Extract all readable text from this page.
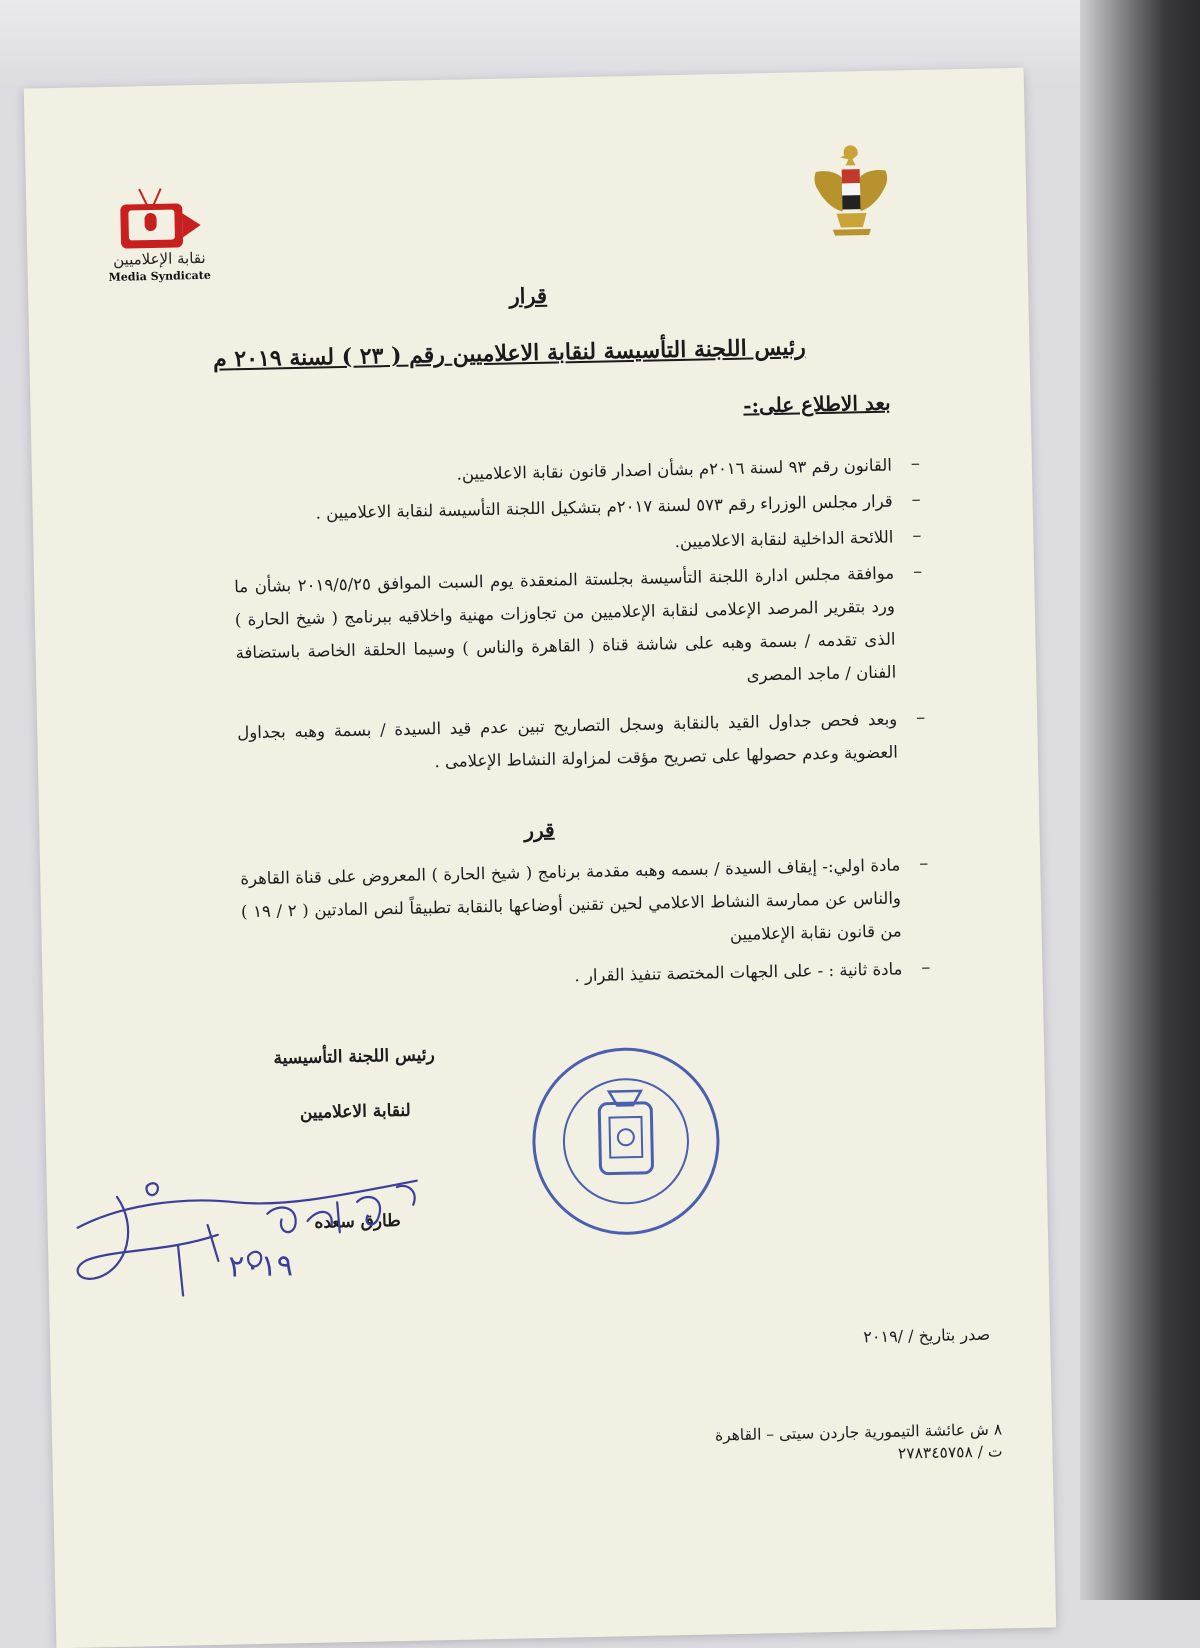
نقابة الإعلاميين
Media Syndicate
قرار
رئيس اللجنة التأسيسة لنقابة الاعلاميين رقم ( ٢٣ ) لسنة ٢٠١٩ م
بعد الاطلاع على:-
–
القانون رقم ٩٣ لسنة ٢٠١٦م بشأن اصدار قانون نقابة الاعلاميين.
–
قرار مجلس الوزراء رقم ٥٧٣ لسنة ٢٠١٧م بتشكيل اللجنة التأسيسة لنقابة الاعلاميين .
–
اللائحة الداخلية لنقابة الاعلاميين.
–
موافقة مجلس ادارة اللجنة التأسيسة بجلستة المنعقدة يوم السبت الموافق ٢٠١٩/٥/٢٥ بشأن ما ورد بتقرير المرصد الإعلامى لنقابة الإعلاميين من تجاوزات مهنية واخلاقيه ببرنامج ( شيخ الحارة ) الذى تقدمه / بسمة وهبه على شاشة قناة ( القاهرة والناس ) وسيما الحلقة الخاصة باستضافة الفنان / ماجد المصرى
–
وبعد فحص جداول القيد بالنقابة وسجل التصاريح تبين عدم قيد السيدة / بسمة وهبه بجداول العضوية وعدم حصولها على تصريح مؤقت لمزاولة النشاط الإعلامى .
قرر
–
مادة اولي:- إيقاف السيدة / بسمه وهبه مقدمة برنامج ( شيخ الحارة ) المعروض على قناة القاهرة والناس عن ممارسة النشاط الاعلامي لحين تقنين أوضاعها بالنقابة تطبيقاً لنص المادتين ( ٢ / ١٩ ) من قانون نقابة الإعلاميين
–
مادة ثانية : - على الجهات المختصة تنفيذ القرار .
رئيس اللجنة التأسيسية
لنقابة الاعلاميين
طارق سعده
٢٠١٩
صدر بتاريخ / /٢٠١٩
٨ ش عائشة التيمورية جاردن سيتى – القاهرة
ت / ٢٧٨٣٤٥٧٥٨
